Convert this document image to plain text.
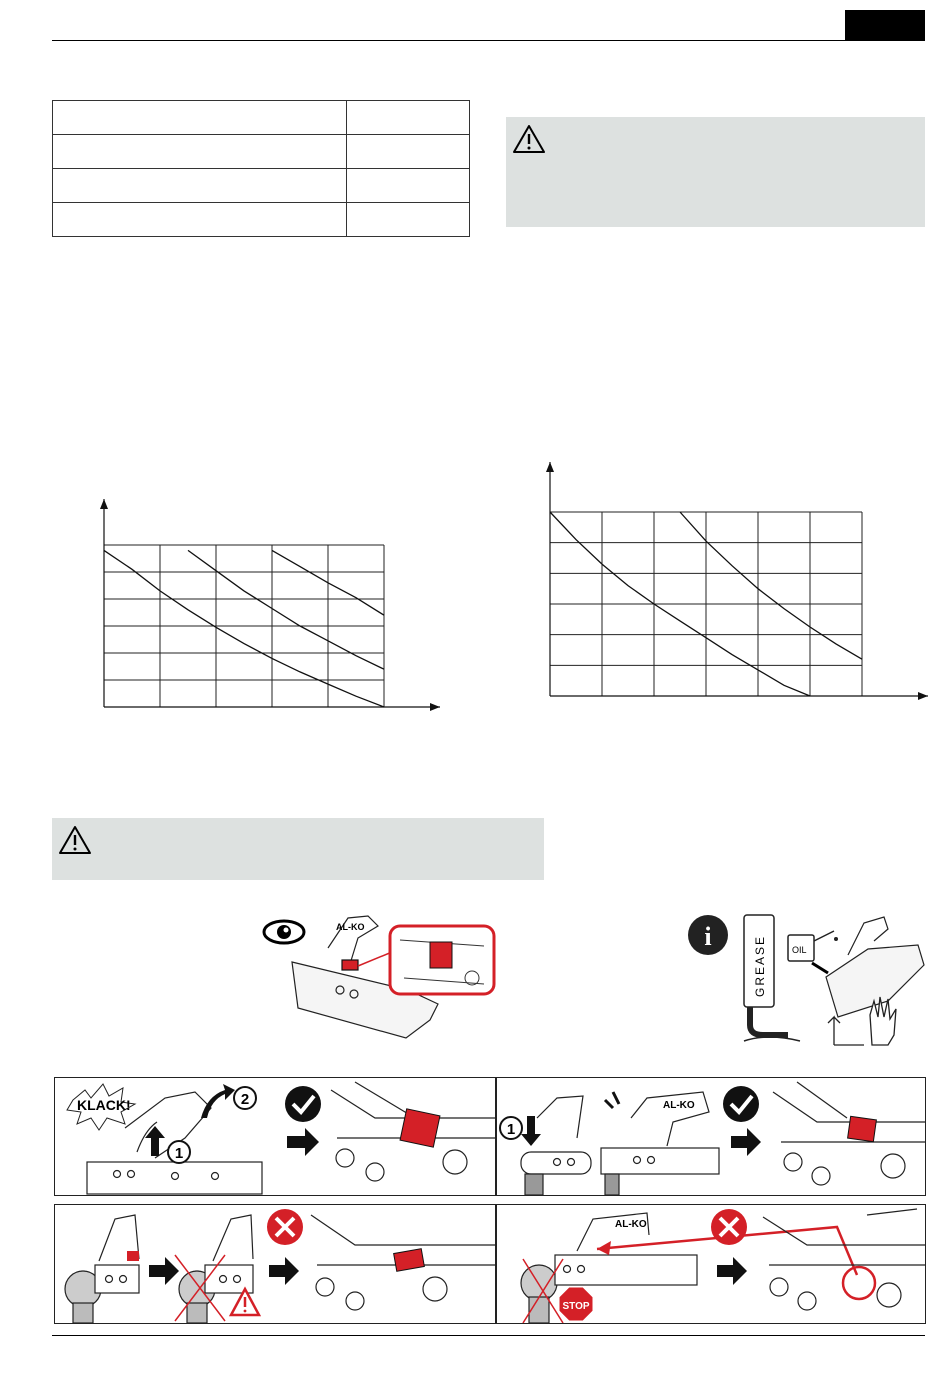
AL-KO	i	GREASE	OIL
KLACK!
1
2
1
AL-KO
AL-KO
STOP
